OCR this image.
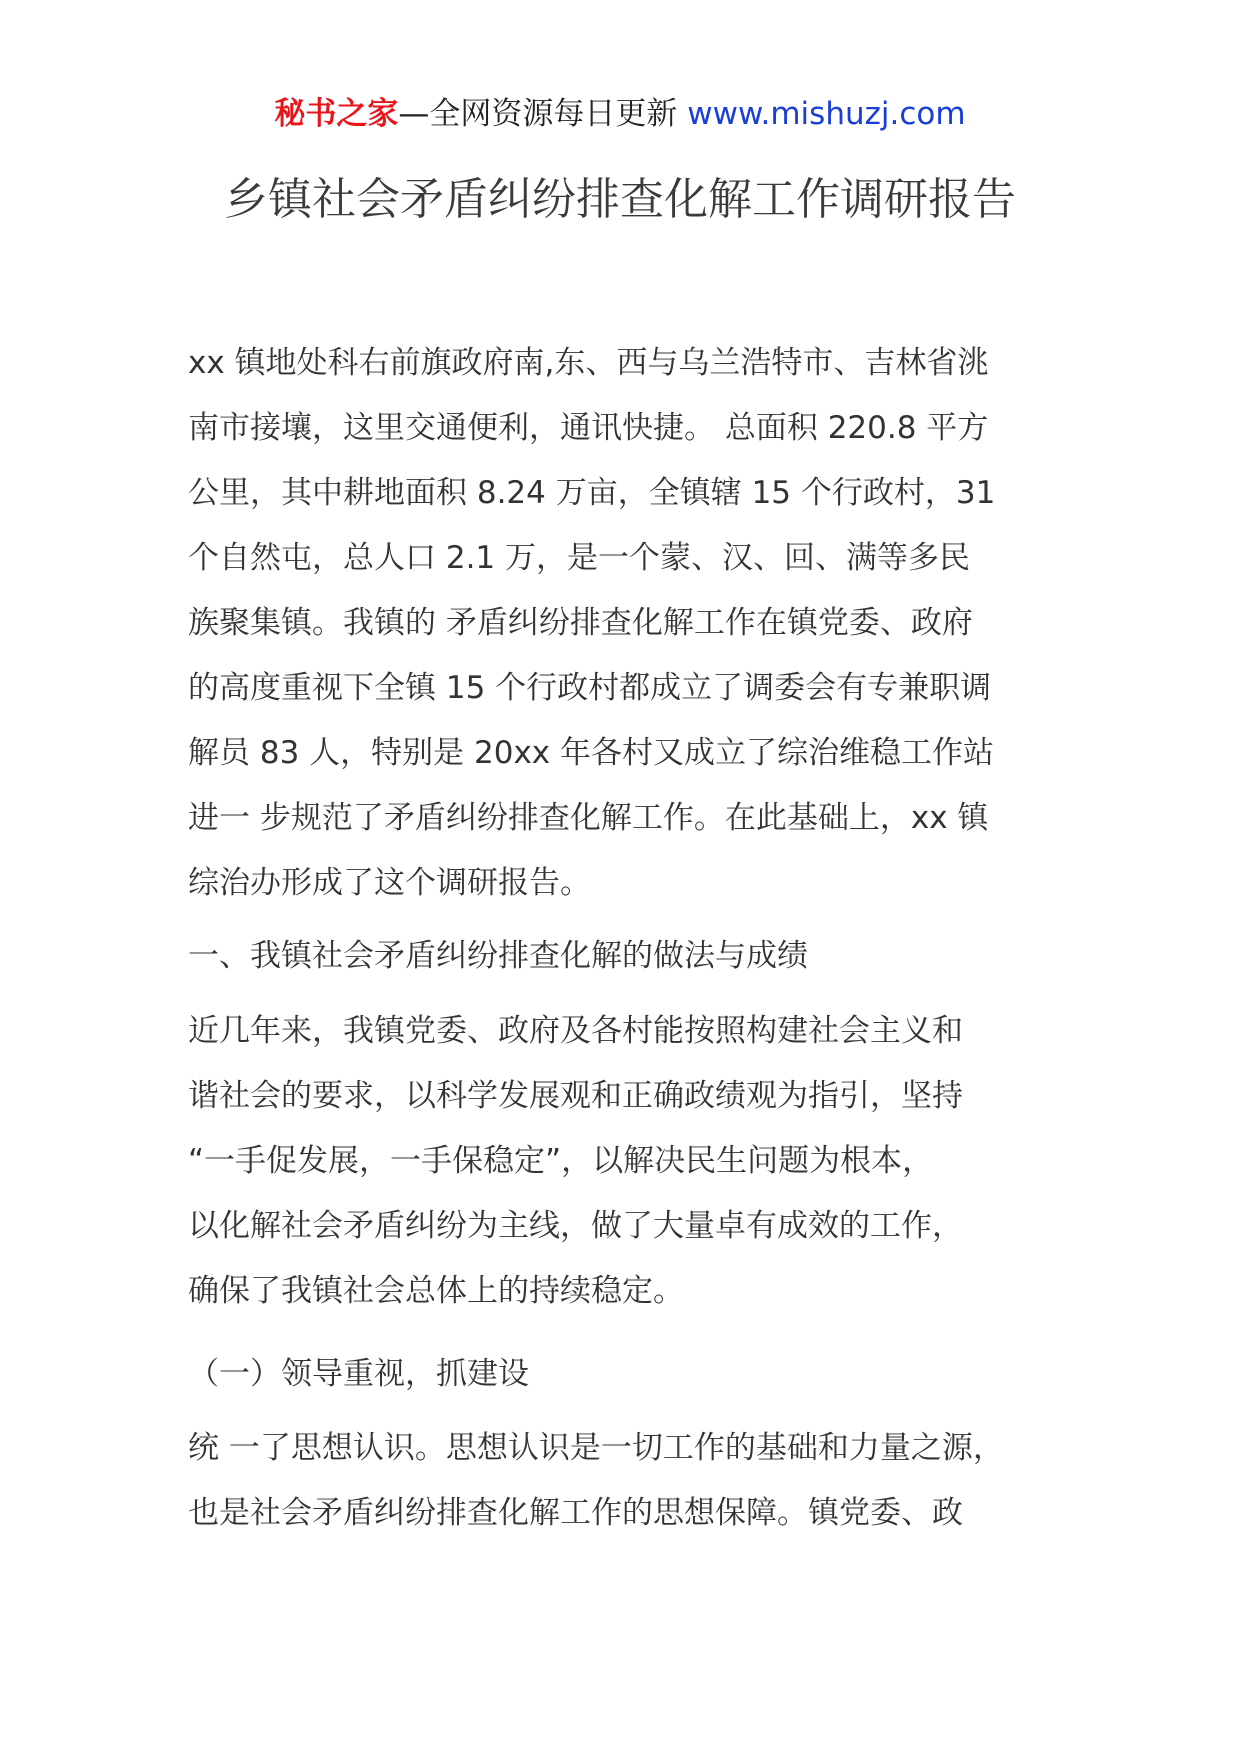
秘书之家—全网资源每日更新 www.mishuzj.com
乡镇社会矛盾纠纷排查化解工作调研报告
xx 镇地处科右前旗政府南,东、西与乌兰浩特市、吉林省洮
南市接壤，这里交通便利，通讯快捷。 总面积 220.8 平方
公里，其中耕地面积 8.24 万亩，全镇辖 15 个行政村，31
个自然屯，总人口 2.1 万，是一个蒙、汉、回、满等多民
族聚集镇。我镇的 矛盾纠纷排查化解工作在镇党委、政府
的高度重视下全镇 15 个行政村都成立了调委会有专兼职调
解员 83 人，特别是 20xx 年各村又成立了综治维稳工作站
进一 步规范了矛盾纠纷排查化解工作。在此基础上，xx 镇
综治办形成了这个调研报告。
一、我镇社会矛盾纠纷排查化解的做法与成绩
近几年来，我镇党委、政府及各村能按照构建社会主义和
谐社会的要求，以科学发展观和正确政绩观为指引，坚持
“一手促发展，一手保稳定”，以解决民生问题为根本，
以化解社会矛盾纠纷为主线，做了大量卓有成效的工作，
确保了我镇社会总体上的持续稳定。
（一）领导重视，抓建设
统 一了思想认识。思想认识是一切工作的基础和力量之源，
也是社会矛盾纠纷排查化解工作的思想保障。镇党委、政
